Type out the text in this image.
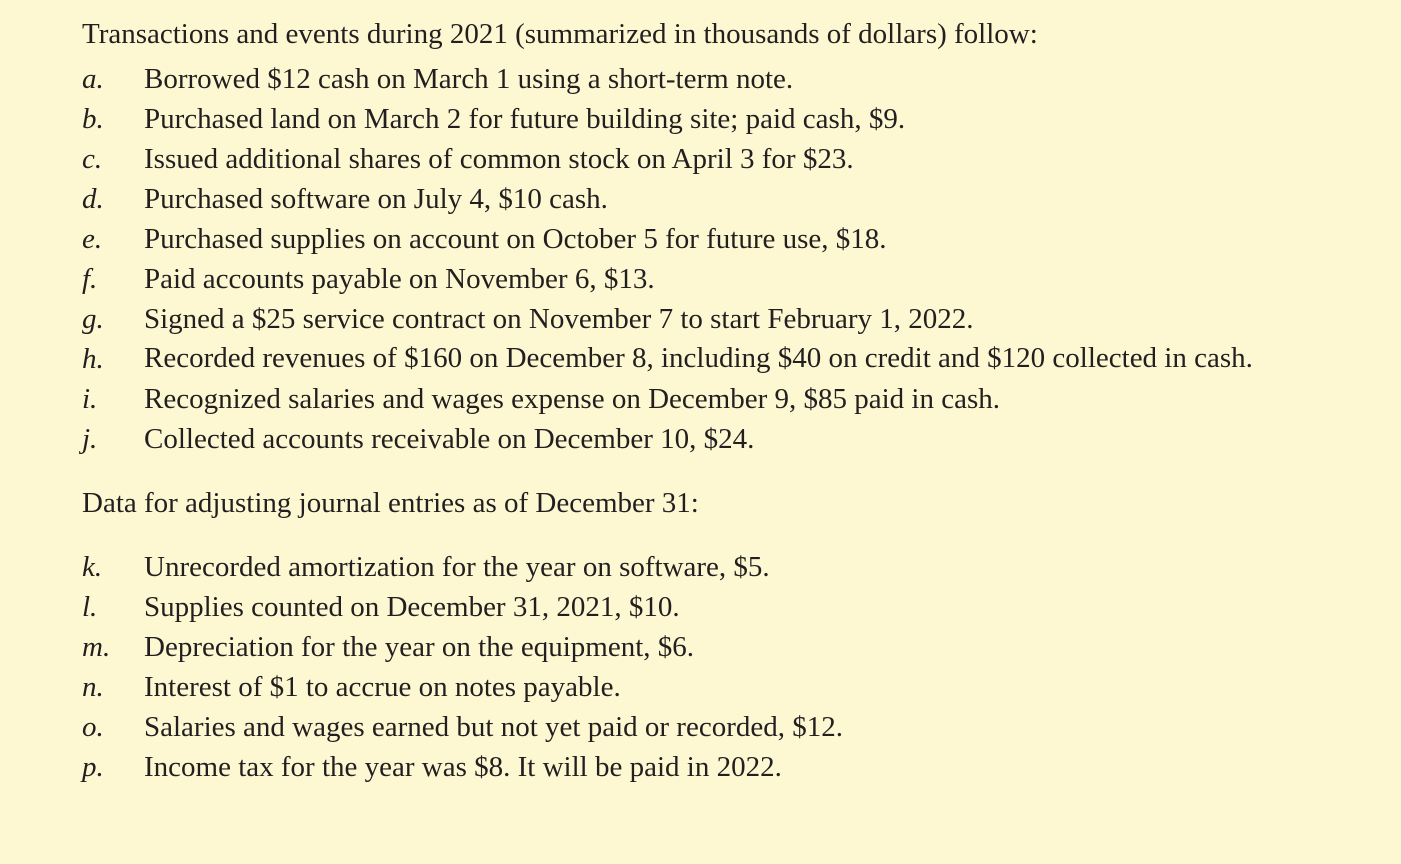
Transactions and events during 2021 (summarized in thousands of dollars) follow:

a.	Borrowed $12 cash on March 1 using a short-term note.
b.	Purchased land on March 2 for future building site; paid cash, $9.
c.	Issued additional shares of common stock on April 3 for $23.
d.	Purchased software on July 4, $10 cash.
e.	Purchased supplies on account on October 5 for future use, $18.
f.	Paid accounts payable on November 6, $13.
g.	Signed a $25 service contract on November 7 to start February 1, 2022.
h.	Recorded revenues of $160 on December 8, including $40 on credit and $120 collected in cash.
i.	Recognized salaries and wages expense on December 9, $85 paid in cash.
j.	Collected accounts receivable on December 10, $24.

Data for adjusting journal entries as of December 31:

k.	Unrecorded amortization for the year on software, $5.
l.	Supplies counted on December 31, 2021, $10.
m.	Depreciation for the year on the equipment, $6.
n.	Interest of $1 to accrue on notes payable.
o.	Salaries and wages earned but not yet paid or recorded, $12.
p.	Income tax for the year was $8. It will be paid in 2022.
